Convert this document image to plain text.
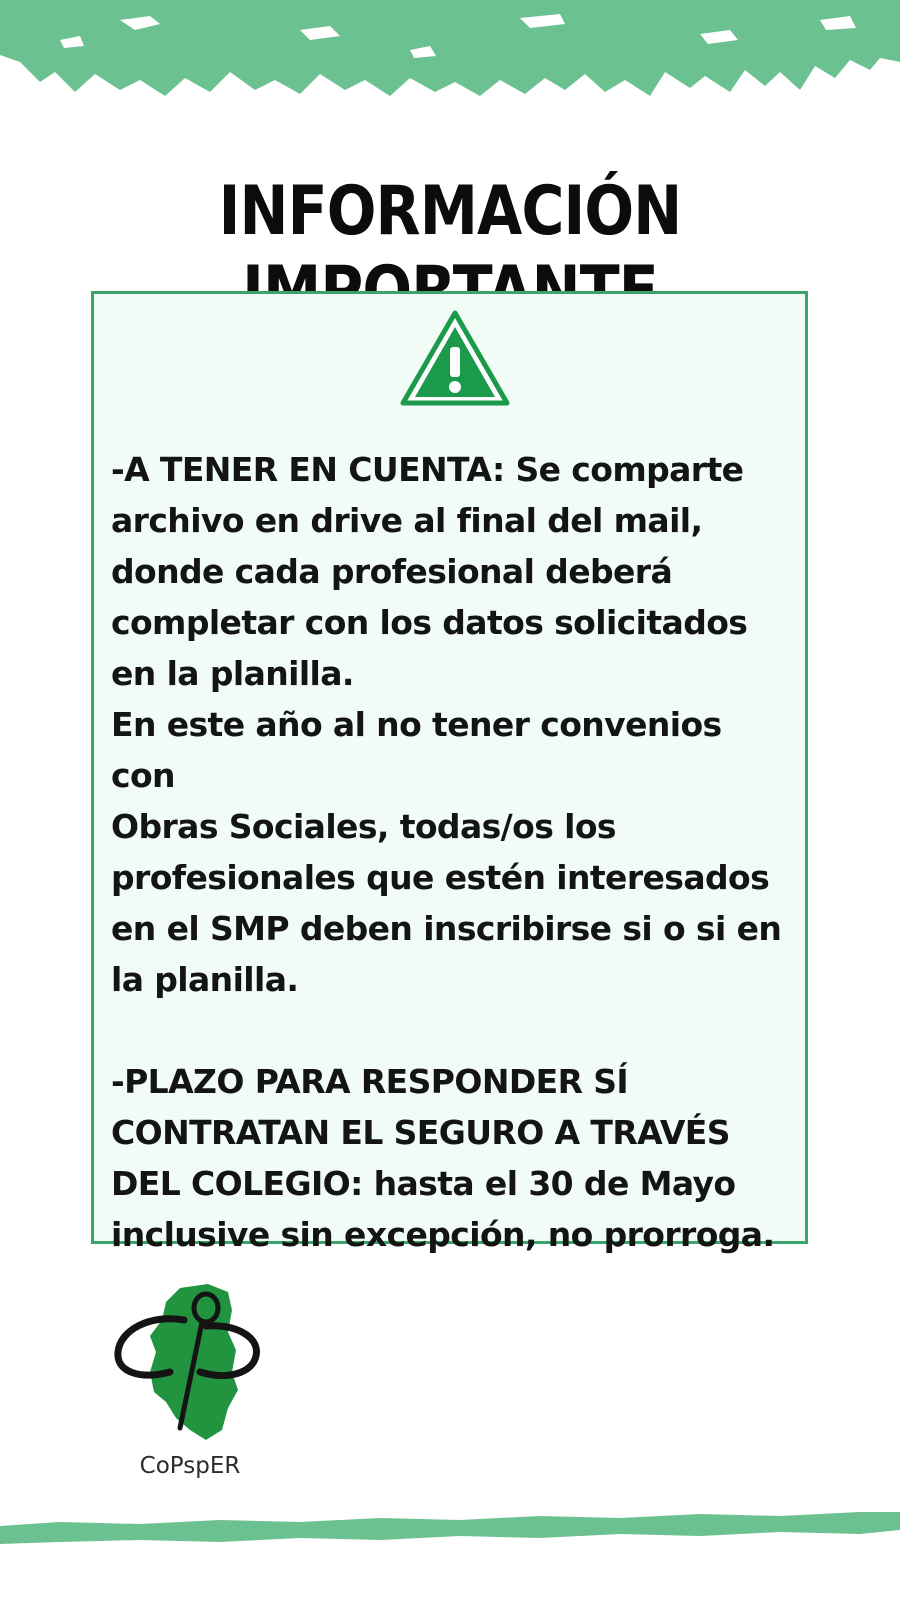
INFORMACIÓN

-A TENER EN CUENTA: Se comparte

archivo en drive al final del mail,

donde cada profesional deberá

completar con los datos solicitados

en la planilla.

En este año al no tener convenios con

Obras Sociales, todas/os los

profesionales que estén interesados

en el SMP deben inscribirse si o si en

la planilla.

-PLAZO PARA RESPONDER SÍ

CONTRATAN EL SEGURO A TRAVÉS

DEL COLEGIO: hasta el 30 de Mayo

inclusive sin excepción, no prorroga.

CoPspER
